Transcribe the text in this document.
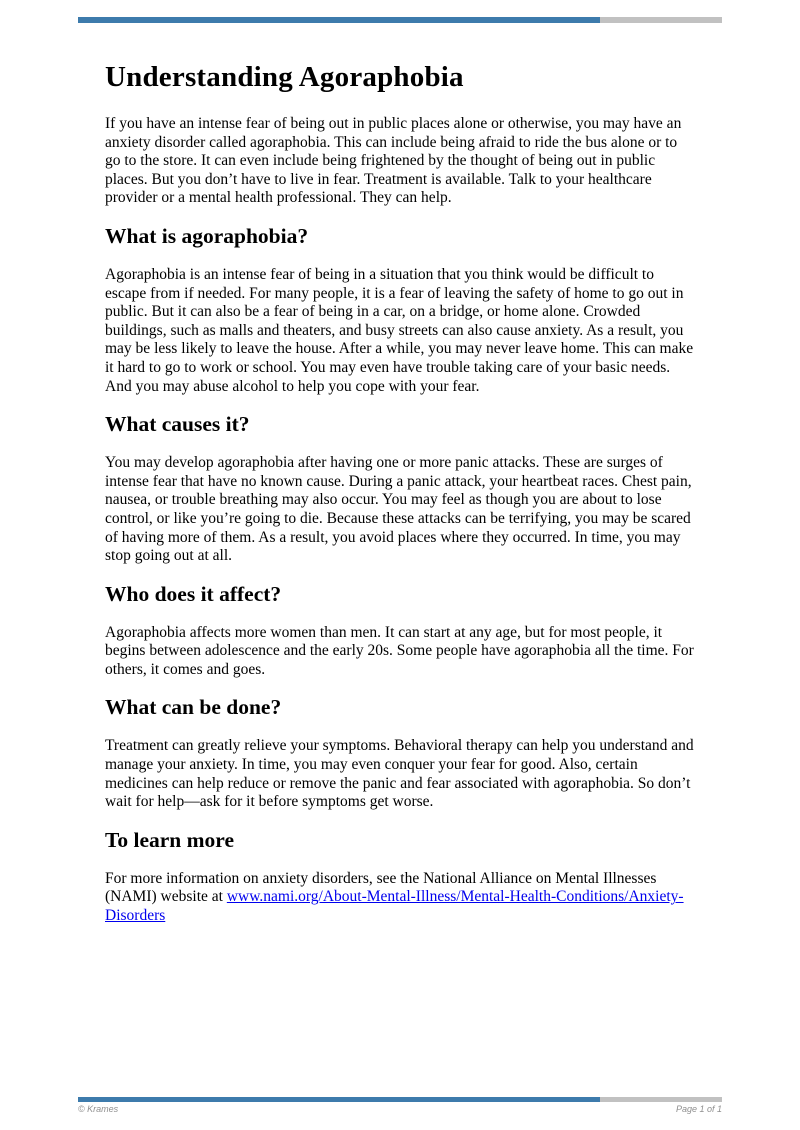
Understanding Agoraphobia

If you have an intense fear of being out in public places alone or otherwise, you may have an anxiety disorder called agoraphobia. This can include being afraid to ride the bus alone or to go to the store. It can even include being frightened by the thought of being out in public places. But you don’t have to live in fear. Treatment is available. Talk to your healthcare provider or a mental health professional. They can help.

What is agoraphobia?

Agoraphobia is an intense fear of being in a situation that you think would be difficult to escape from if needed. For many people, it is a fear of leaving the safety of home to go out in public. But it can also be a fear of being in a car, on a bridge, or home alone. Crowded buildings, such as malls and theaters, and busy streets can also cause anxiety. As a result, you may be less likely to leave the house. After a while, you may never leave home. This can make it hard to go to work or school. You may even have trouble taking care of your basic needs. And you may abuse alcohol to help you cope with your fear.

What causes it?

You may develop agoraphobia after having one or more panic attacks. These are surges of intense fear that have no known cause. During a panic attack, your heartbeat races. Chest pain, nausea, or trouble breathing may also occur. You may feel as though you are about to lose control, or like you’re going to die. Because these attacks can be terrifying, you may be scared of having more of them. As a result, you avoid places where they occurred. In time, you may stop going out at all.

Who does it affect?

Agoraphobia affects more women than men. It can start at any age, but for most people, it begins between adolescence and the early 20s. Some people have agoraphobia all the time. For others, it comes and goes.

What can be done?

Treatment can greatly relieve your symptoms. Behavioral therapy can help you understand and manage your anxiety. In time, you may even conquer your fear for good. Also, certain medicines can help reduce or remove the panic and fear associated with agoraphobia. So don’t wait for help—ask for it before symptoms get worse.

To learn more

For more information on anxiety disorders, see the National Alliance on Mental Illnesses (NAMI) website at www.nami.org/About-Mental-Illness/Mental-Health-Conditions/Anxiety-Disorders

© Krames	Page 1 of 1
